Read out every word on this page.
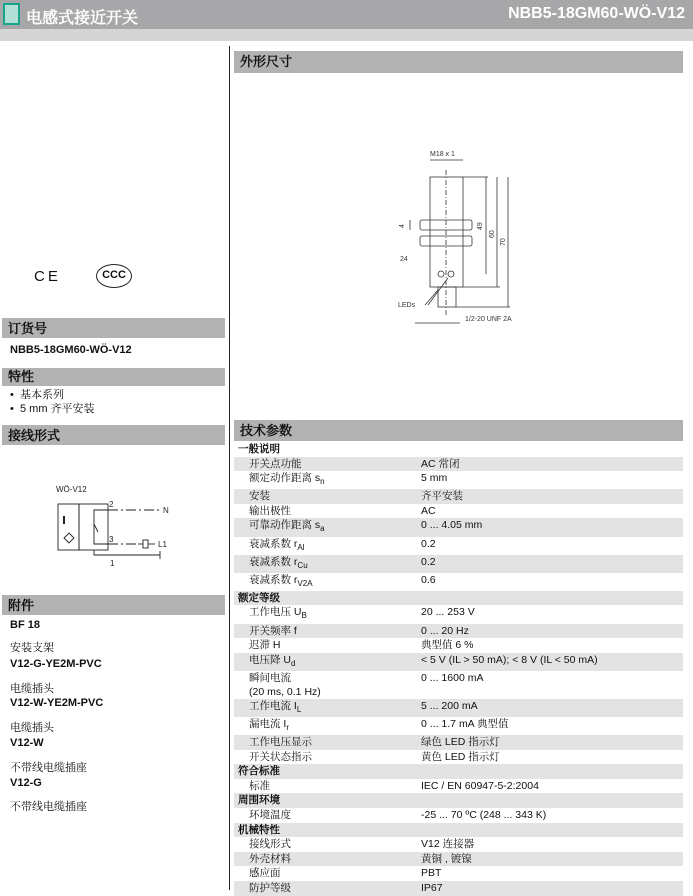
电感式接近开关	NBB5-18GM60-WÖ-V12
外形尺寸
M18 x 1
49
60
70
4
24
LEDs
1/2-20 UNF 2A
C E	CCC
订货号
NBB5-18GM60-WÖ-V12
特性
• 基本系列
• 5 mm 齐平安装
接线形式
WÖ-V12
2
3
1
N
L1
附件
BF 18
安装支架
V12-G-YE2M-PVC
电缆插头
V12-W-YE2M-PVC
电缆插头
V12-W
不带线电缆插座
V12-G
不带线电缆插座
技术参数
一般说明	
开关点功能	AC 常闭
额定动作距离 $s_n$	5 mm
安装	齐平安装
输出极性	AC
可靠动作距离 $s_a$	0 ... 4.05 mm
衰减系数 $r_{Al}$	0.2
衰减系数 $r_{Cu}$	0.2
衰减系数 $r_{V2A}$	0.6
额定等级	
工作电压 $U_B$	20 ... 253 V
开关频率 f	0 ... 20 Hz
迟滞 H	典型值 6 %
电压降 $U_d$	< 5 V (IL > 50 mA); < 8 V (IL < 50 mA)
瞬间电流
(20 ms, 0.1 Hz)	0 ... 1600 mA
工作电流 $I_L$	5 ... 200 mA
漏电流 $I_r$	0 ... 1.7 mA 典型值
工作电压显示	绿色 LED 指示灯
开关状态指示	黄色 LED 指示灯
符合标准	
标准	IEC / EN 60947-5-2:2004
周围环境	
环境温度	-25 ... 70 ºC (248 ... 343 K)
机械特性	
接线形式	V12 连接器
外壳材料	黄铜 , 镀镍
感应面	PBT
防护等级	IP67
